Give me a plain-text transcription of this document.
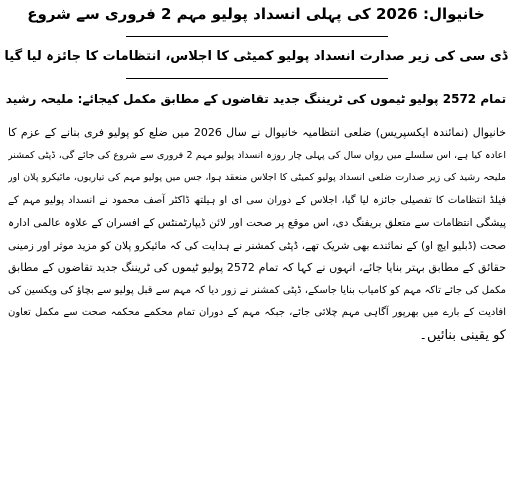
خانیوال: 2026 کی پہلی انسداد پولیو مہم 2 فروری سے شروع
ڈی سی کی زیر صدارت انسداد پولیو کمیٹی کا اجلاس، انتظامات کا جائزہ لیا گیا
تمام 2572 پولیو ٹیموں کی ٹریننگ جدید تقاضوں کے مطابق مکمل کیجائے: ملیحہ رشید
خانیوال (نمائندہ ایکسپریس) ضلعی انتظامیہ خانیوال نے سال 2026 میں ضلع کو پولیو فری بنانے کے عزم کا
اعادہ کیا ہے، اس سلسلے میں رواں سال کی پہلی چار روزہ انسداد پولیو مہم 2 فروری سے شروع کی جائے گی، ڈپٹی کمشنر
ملیحہ رشید کی زیر صدارت ضلعی انسداد پولیو کمیٹی کا اجلاس منعقد ہوا، جس میں پولیو مہم کی تیاریوں، مائیکرو پلان اور
فیلڈ انتظامات کا تفصیلی جائزہ لیا گیا، اجلاس کے دوران سی ای او ہیلتھ ڈاکٹر آصف محمود نے انسداد پولیو مہم کے
پیشگی انتظامات سے متعلق بریفنگ دی، اس موقع پر صحت اور لائن ڈیپارٹمنٹس کے افسران کے علاوہ عالمی ادارہ
صحت (ڈبلیو ایچ او) کے نمائندے بھی شریک تھے، ڈپٹی کمشنر نے ہدایت کی کہ مائیکرو پلان کو مزید موثر اور زمینی
حقائق کے مطابق بہتر بنایا جائے، انہوں نے کہا کہ تمام 2572 پولیو ٹیموں کی ٹریننگ جدید تقاضوں کے مطابق
مکمل کی جائے تاکہ مہم کو کامیاب بنایا جاسکے، ڈپٹی کمشنر نے زور دیا کہ مہم سے قبل پولیو سے بچاؤ کی ویکسین کی
افادیت کے بارے میں بھرپور آگاہی مہم چلائی جائے، جبکہ مہم کے دوران تمام محکمے محکمہ صحت سے مکمل تعاون
کو یقینی بنائیں۔
